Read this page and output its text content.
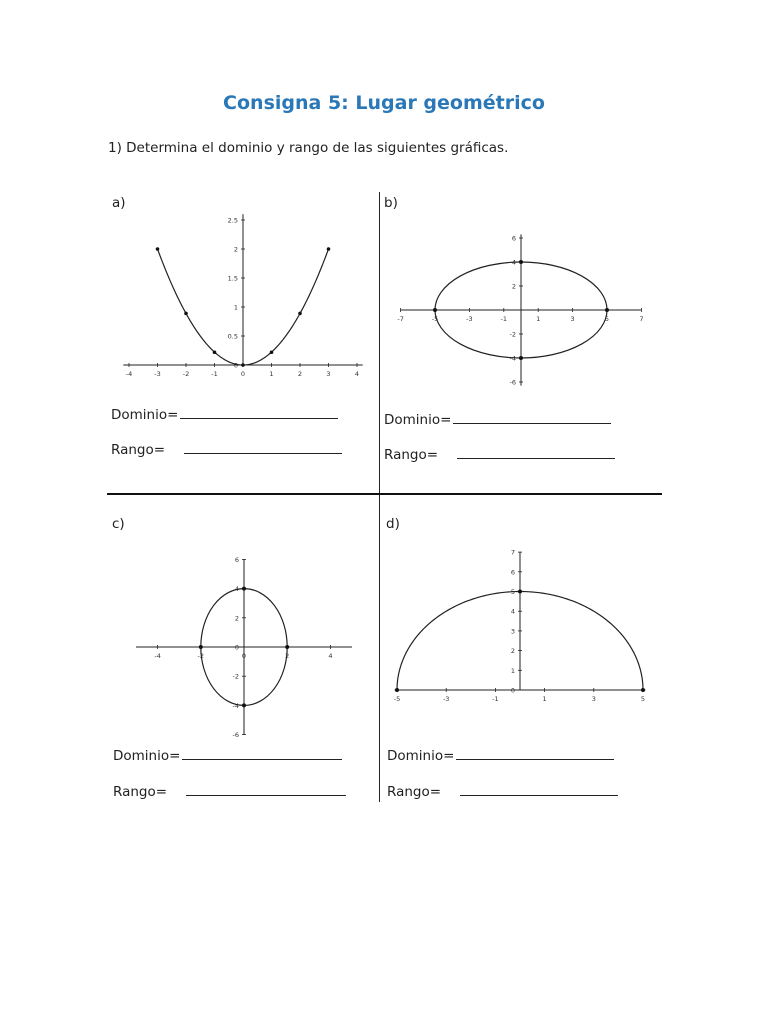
Consigna 5: Lugar geométrico
1) Determina el dominio y rango de las siguientes gráficas.
a)	b)
c)	d)
-4	-3	-2	-1	0	1	2	3	4
0
0.5
1
1.5
2
2.5
-7	-5	-3	-1	1	3	5	7
-6
-4
-2
2
4
6
-4	-2	0	2	4
-6
-4
-2
0
2
4
6
-5	-3	-1	1	3	5
0
1
2
3
4
5
6
7
Dominio=
Rango=
Dominio=
Rango=
Dominio=
Rango=
Dominio=
Rango=
